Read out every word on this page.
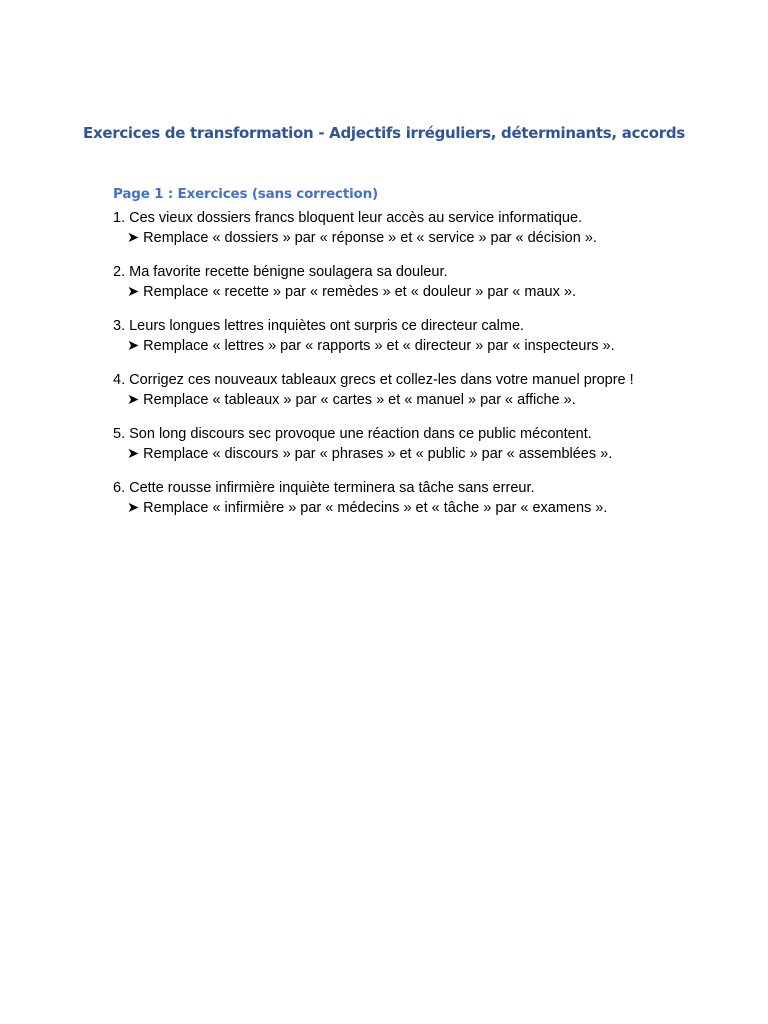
Exercices de transformation - Adjectifs irréguliers, déterminants, accords
Page 1 : Exercices (sans correction)
1. Ces vieux dossiers francs bloquent leur accès au service informatique.
➤ Remplace « dossiers » par « réponse » et « service » par « décision ».
2. Ma favorite recette bénigne soulagera sa douleur.
➤ Remplace « recette » par « remèdes » et « douleur » par « maux ».
3. Leurs longues lettres inquiètes ont surpris ce directeur calme.
➤ Remplace « lettres » par « rapports » et « directeur » par « inspecteurs ».
4. Corrigez ces nouveaux tableaux grecs et collez-les dans votre manuel propre !
➤ Remplace « tableaux » par « cartes » et « manuel » par « affiche ».
5. Son long discours sec provoque une réaction dans ce public mécontent.
➤ Remplace « discours » par « phrases » et « public » par « assemblées ».
6. Cette rousse infirmière inquiète terminera sa tâche sans erreur.
➤ Remplace « infirmière » par « médecins » et « tâche » par « examens ».
